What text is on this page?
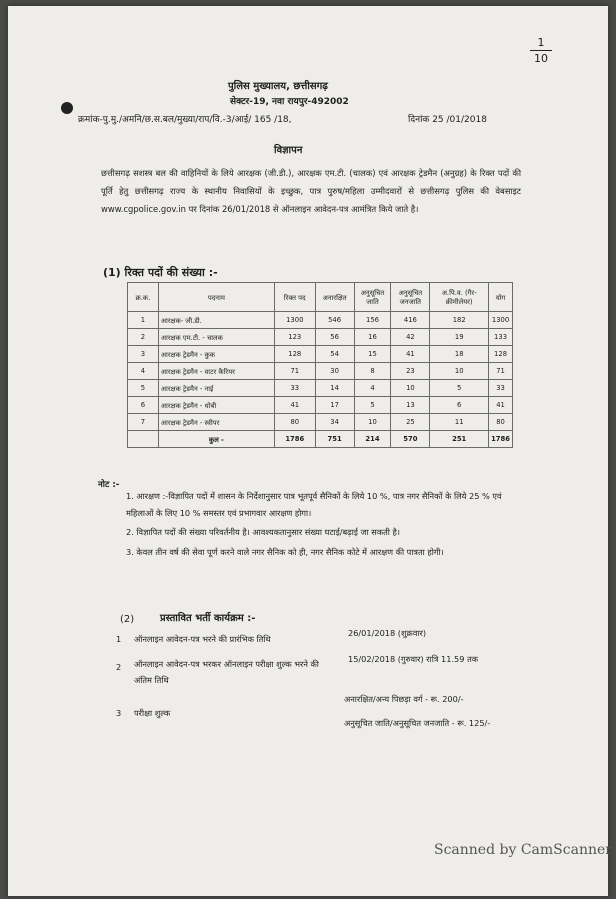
1
10
पुलिस मुख्यालय, छत्तीसगढ़
सेक्टर-19, नवा रायपुर-492002
क्रमांक-पु.मु./अमनि/छ.स.बल/मुख्या/राप/वि.-3/आई/ 165 /18,	दिनांक 25 /01/2018
विज्ञापन
छत्तीसगढ़ सशस्त्र बल की वाहिनियों के लिये आरक्षक (जी.डी.), आरक्षक एम.टी. (चालक) एवं आरक्षक ट्रेडमैन (अनुग्रह) के रिक्त पदों की पूर्ति हेतु छत्तीसगढ़ राज्य के स्थानीय निवासियों के इच्छुक, पात्र पुरुष/महिला उम्मीदवारों से छत्तीसगढ़ पुलिस की वेबसाइट www.cgpolice.gov.in पर दिनांक 26/01/2018 से ऑनलाइन आवेदन-पत्र आमंत्रित किये जाते है।
(1) रिक्त पदों की संख्या :-
क्र.क.	पदनाम	रिक्त पद	अनारक्षित	अनुसूचित जाति	अनुसूचित जनजाति	अ.पि.व. (गैर-क्रीमीलेयर)	योग
1	आरक्षक- जी.डी.	1300	546	156	416	182	1300
2	आरक्षक एम.टी. - चालक	123	56	16	42	19	133
3	आरक्षक ट्रेडमैन - कुक	128	54	15	41	18	128
4	आरक्षक ट्रेडमैन - वाटर कैरियर	71	30	8	23	10	71
5	आरक्षक ट्रेडमैन - नाई	33	14	4	10	5	33
6	आरक्षक ट्रेडमैन - धोबी	41	17	5	13	6	41
7	आरक्षक ट्रेडमैन - स्वीपर	80	34	10	25	11	80
	कुल -	1786	751	214	570	251	1786
नोट :-
1. आरक्षण :-विज्ञापित पदों में शासन के निर्देशानुसार पात्र भूतपूर्व सैनिकों के लिये 10 %, पात्र नगर सैनिकों के लिये 25 % एवं महिलाओं के लिए 10 % समस्तर एवं प्रभागवार आरक्षण होगा।
2. विज्ञापित पदों की संख्या परिवर्तनीय है। आवश्यकतानुसार संख्या घटाई/बढ़ाई जा सकती है।
3. केवल तीन वर्ष की सेवा पूर्ण करने वाले नगर सैनिक को ही, नगर सैनिक कोटे में आरक्षण की पात्रता होगी।
(2)	प्रस्तावित भर्ती कार्यक्रम :-
1 ऑनलाइन आवेदन-पत्र भरने की प्रारंभिक तिथि
26/01/2018 (शुक्रवार)
2 ऑनलाइन आवेदन-पत्र भरकर ऑनलाइन परीक्षा शुल्क भरने की अंतिम तिथि
15/02/2018 (गुरुवार) रात्रि 11.59 तक
3 परीक्षा शुल्क
अनारक्षित/अन्य पिछड़ा वर्ग - रू. 200/-
अनुसूचित जाति/अनुसूचित जनजाति - रू. 125/-
Scanned by CamScanner
